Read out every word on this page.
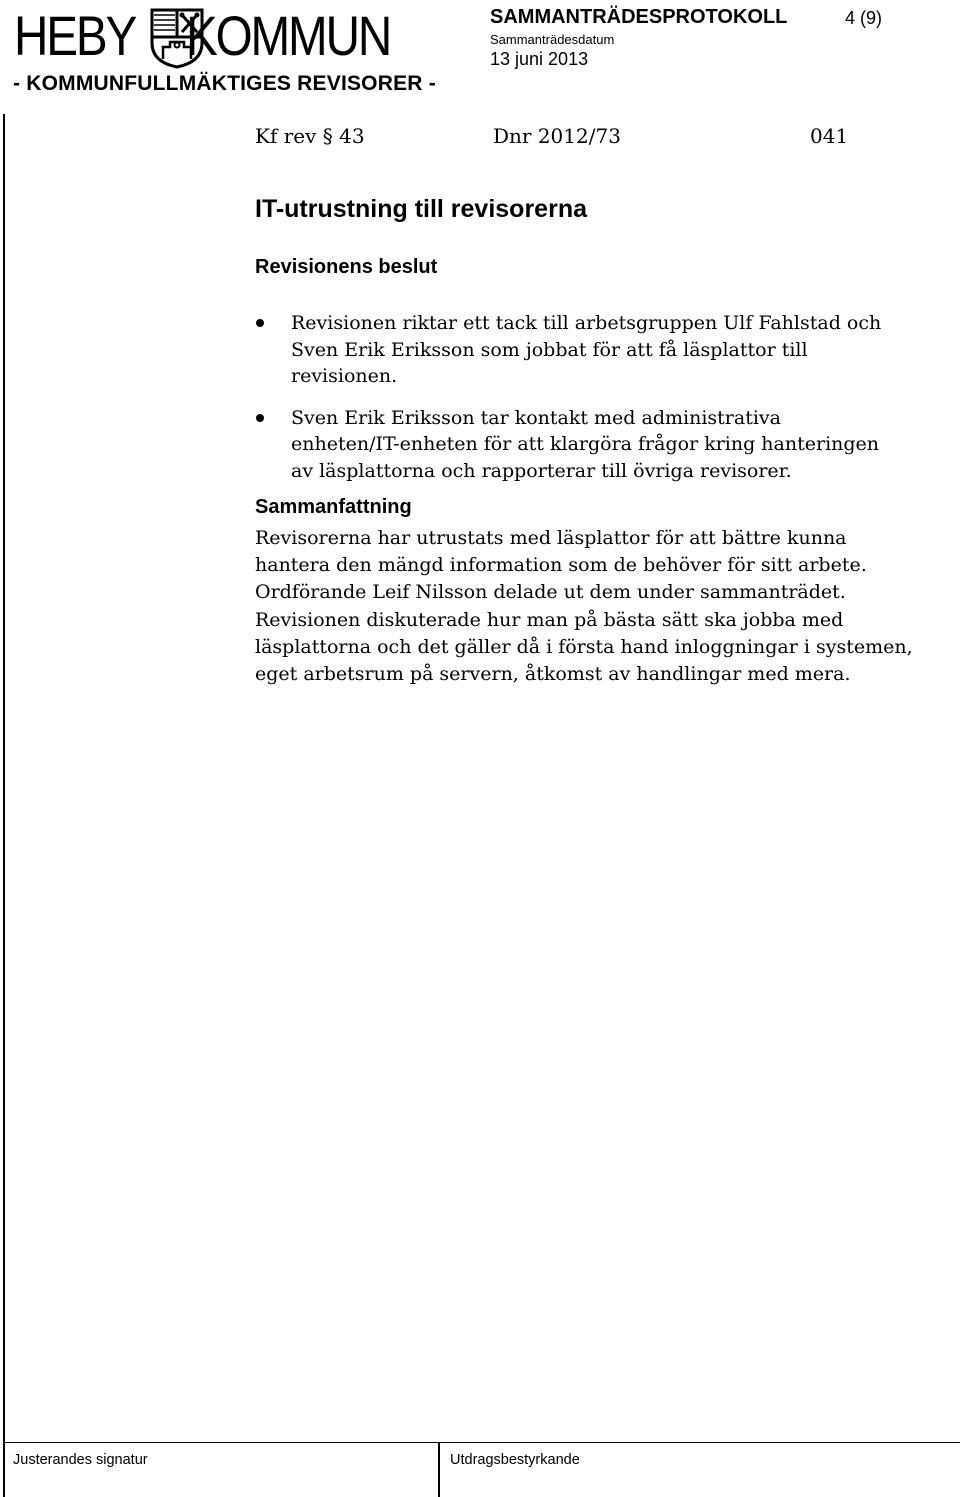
HEBY KOMMUN
- KOMMUNFULLMÄKTIGES REVISORER -
SAMMANTRÄDESPROTOKOLL	4 (9)
Sammanträdesdatum
13 juni 2013
Kf rev § 43	Dnr 2012/73	041
IT-utrustning till revisorerna
Revisionens beslut
Revisionen riktar ett tack till arbetsgruppen Ulf Fahlstad och Sven Erik Eriksson som jobbat för att få läsplattor till revisionen.
Sven Erik Eriksson tar kontakt med administrativa enheten/IT-enheten för att klargöra frågor kring hanteringen av läsplattorna och rapporterar till övriga revisorer.
Sammanfattning

Revisorerna har utrustats med läsplattor för att bättre kunna hantera den mängd information som de behöver för sitt arbete. Ordförande Leif Nilsson delade ut dem under sammanträdet. Revisionen diskuterade hur man på bästa sätt ska jobba med läsplattorna och det gäller då i första hand inloggningar i systemen, eget arbetsrum på servern, åtkomst av handlingar med mera.

Justerandes signatur	Utdragsbestyrkande
